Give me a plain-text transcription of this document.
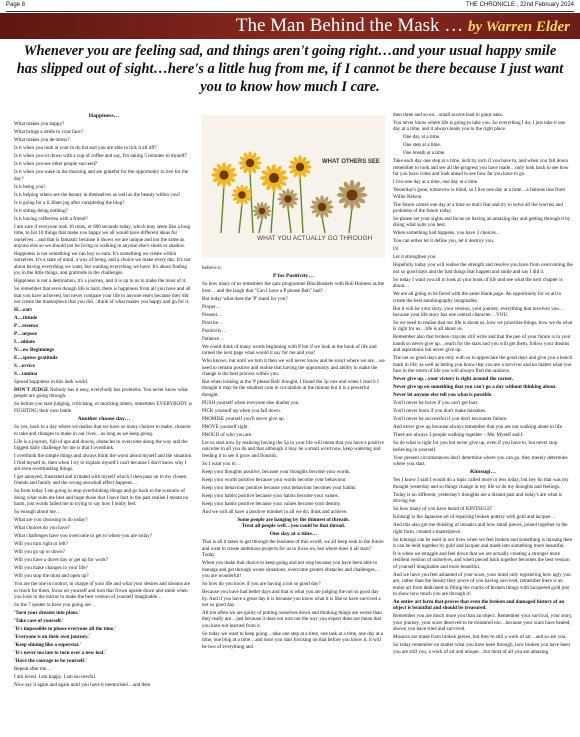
Page 8	THE CHRONICLE , 22nd February 2024
The Man Behind the Mask … by Warren Elder
Whenever you are feeling sad, and things aren't going right…and your usual happy smile has slipped out of sight…here's a little hug from me, if I cannot be there because I just want you to know how much I care.
Happiness…

What makes you happy?

What brings a smile to your face?

What makes you de-stress?

Is it when you look at your to do list and you are able to tick it all off?

Is it when you sit down with a cup of coffee and say, I'm taking 5 minutes to myself?

Is it when you see other people succeed?

Is it when you wake in the morning and are grateful for the opportunity to live for the day?

Is it being you?

Is it helping others see the beauty in themselves as well as the beauty within you?

Is it going for a 6.30am jog after completing the blog?

Is it sitting doing nothing?

Is it having coffee/tea with a friend?

I am sure if everyone took 10 mins, or 600 seconds today, which may seem like a long time, to list 10 things that make you happy we all would have different ideas for ourselves…and that is fantastic because it shows we are unique and not the same as anyone else so we should not be living or walking in anyone else's shoes or shadow.

Happiness is not something we can buy or earn. It's something we create within ourselves. It's a state of mind, a way of being, and a choice we make every day. It's not about having everything we want, but wanting everything we have. It's about finding joy in the little things, and gratitude in the challenges.

Happiness is not a destination, it's a journey, and it is up to us to make the most of it.

So remember that even though life is hard, there is happiness from all you have and all that you have achieved, but never compare your life to anyone else's because they did not create the masterpiece that you did…think of what makes you happy and go for it.

H…eart

A…ttitude

P…resence

P…urpose

I…nitiate

N…ew Beginnings

E…xpress gratitude

S…ervice

S…tamina

Spread happiness in this dark world.

DON'T JUDGE Nobody has it easy, everybody has problems. You never know what people are going through.

So before you start judging, criticising, or mocking others, remember EVERYBODY is FIGHTING their own battle.

Another choose day…

So yes, back to a day where we realise that we have so many choices to make, chances to take and changes to make in our lives…as long as we keep going.

Life is a journey, full of ups and downs, obstacles to overcome along the way and the biggest daily challenge for me is that I overthink.

I overthink the simple things and always think the worst about myself and the situation I find myself in, then when I try to explain myself I can't because I don't know why I am even overthinking things.

I get annoyed, frustrated and irritated with myself which I then pass on to my closest friends and family and the wrong snowball effect happens…

So from today I am going to stop overthinking things and go back to the scenario of doing what suits me best and hope those that I have hurt in the past realise I meant no harm, just words failed me in trying to say how I really feel.

So enough about me…

What are you choosing to do today?

What choices do you have?

What challenges have you overcome to get to where you are today?

Will you turn right or left?

Will you go up or down?

Will you have a duvet day or get up for work?

Will you make changes in your life?

Will you stop the must and open up?

You are the one in control, in charge of your life and what your desires and dreams are to reach for them, focus on yourself and turn that frown upside down and smile when you look in the mirror to make the best version of yourself imaginable…

So the 7 quotes to have you going are…

'Turn your dreams into plans.'

'Take care of yourself.'

'It's impossible to please everyone all the time.'

'Everyone is on their own journey.'

'Keep shining like a superstar.'

'It's never too late to turn over a new leaf.'

'Have the courage to be yourself.'

Repeat after me…

I am loved. I am happy. I am successful.

Now say it again and again until you have it memorised…and then

WHAT OTHERS SEE
WHAT YOU ACTUALLY GO THROUGH

believe it.

P for Positivity…

So how many of us remember the quiz programme Blockbusters with Bob Holness as the host… and the laugh that "Can I have a P please Bob" had?

But today what does the 'P' stand for you?

Proper…

Present…

Practice…

Positivity…

Patience…

We could think of many words beginning with P but if we look at the book of life and turned the next page what would it say for me and you?

Who knows, but until we turn it then we will never know and be exact where we are…we need to remain positive and realise that having the opportunity and ability to make the change is the best process within you.

But when looking at the 'P please Bob' thought, I found the 5p rule and when I read it I thought it may be the smallest coin in circulation at the minute but it is a powerful thought.

PUSH yourself when everyone else doubts you.

PICK yourself up when you fall down.

PROMISE yourself you'll never give up.

PROVE yourself right.

PROUD of who you are.

Let us start now by realising having the 5p in your life will mean that you have a positive outcome in all you do and that although it may be a small word now, keep watering and feeding it to see it grow and flourish.

So I want you to…

Keep your thoughts positive, because your thoughts become your words.

Keep your words positive because your words become your behaviour.

Keep your behaviour positive because your behaviour becomes your habits.

Keep your habits positive because your habits become your values.

Keep your habits positive because your values become your destiny.

And we will all have a positive mindset in all we do, think and achieve.

Some people are hanging by the thinnest of threads.
Treat all people well…you could be that thread.

One day at a time…

That is all it takes to get through the business of this world, we all keep look to the future and want to create ambitious projects for us to focus on, but where does it all start? Today.

When you make that choice to keep going and not stop because you have been able to manage and get through worse situations, overcome greater obstacles and challenges…you are wonderful!

So how do you know if you are having a not so good day?

Because you have had better days and that is what you are judging the not so good day by. And if you have a great day it is because you know what it is like to have survived a not so good day.

All too often we are guilty of putting ourselves down and thinking things are worse than they really are…just because it does not turn out the way you expect does not mean that you have not learned from it.

So today we want to keep going…take one step at a time, one task at a time, one day at a time, one blog at a time…and once you start focusing on that before you know it, it will be two of everything and

then three and so on…small acorns lead to giant oaks.

You never know where life is going to take you. So everything I do, I just take it one day at a time, and it always leads you to the right place.

One day at a time.

One step at a time.

One breath at a time.

Take each day one step at a time, inch by inch if you have to, and when you fall down remember to look and see all the progress you have made…only look back to see how far you have come and look ahead to see how far you have to go.

I live one day at a time, one day at a time.

Yesterday's gone, tomorrow is blind, so I live one day at a time…a famous line from Willie Nelson.

The future comes one day at a time so don't fear and try to solve all the worries and problems of the future today.

So please set your sights and focus on having an amazing day and getting through it by doing what suits you best.

When something bad happens, you have 3 choices…

You can either let it define you, let it destroy you,

Or

Let it strengthen you.

Hopefully today you will realise the strength and resolve you have from overcoming the not so good days and the bad things that happen and smile and say I did it.

So today I want you all to look at your book of life and see what the next chapter is about…

We are all going to be faced with the same blank page. An opportunity for us all to create the best autobiography imaginable.

But it will be your story, your version, your journey, everything that involves you…because your life story has one central character…YOU.

So we need to realise that our life is about us, how we prioritise things, how we do what is right for us…life is all about us.

Remember also that broken crayons still write and that the pen of your future is in your hands so never give up…reach for the stars and you will get them, follow your dreams and aspirations but never give up.

The not so good days are only with us to appreciate the good days and give you a bench mark in life, as well as letting you know that you are a survivor and no matter what you face in the storm of life you will always find the rainbow.

Never give up…your victory is right around the corner.

Never give up on something that you can't go a day without thinking about.

Never let anyone else tell you what is possible.

You'll never be brave if you can't get hurt.

You'll never learn if you don't make mistakes.

You'll never be successful if you don't encounter failure.

And never give up because always remember that you are not walking alone in life.

There are always 3 people walking together – Me, Myself and I.

So do what is right for you but never give up, even if you have to, but never stop believing in yourself.

Your present circumstances don't determine where you can go, they merely determine where you start.

Kintsugi…

Yes I know I said I would do a topic called more or less today, but hey ho that was my thought yesterday and so things change in my life so do my thoughts and feelings.

Today is no different, yesterday's thoughts are a distant past and today's are what is driving me.

So how many of you have heard of KINTSUGI?

Kintsugi is the Japanese art of repairing broken pottery with gold and lacquer…

And this also got me thinking of mosaics and how small pieces, joined together in the right form, created a masterpiece.

So kintsugi can be used in our lives when we feel broken and something is missing then it can be held together by gold and lacquer and made into something more beautiful.

It is when we struggle and feel down that we are actually creating a stronger more resilient version of ourselves, and when pieced back together becomes the best version of yourself imaginable and more beautiful.

And we have you feel ashamed of your scars, your mind only registering how ugly you are, rather than the beauty they prove of you having survived, remember there is an entire art form dedicated to filling the cracks of broken things with lacquered gold just to show how much you are through it!

An entire art form that proves that even the broken and damaged history of an object is beautiful and should be treasured.

Remember you are much more you than an object. Remember your survival, your story, your journey, your scars deserved to be treasured too…because your scars have healed, shown you have tried and survived.

Mosaics are made from broken pieces, but they're still a work of art…and so are you.

So today remember no matter what you have been through, how broken you have been you are still you, a work of art and unique…but most of all you are amazing.
